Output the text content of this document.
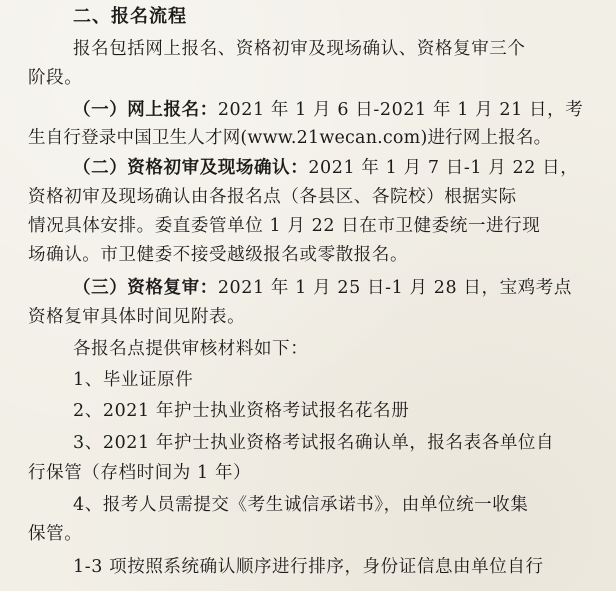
二、报名流程
报名包括网上报名、资格初审及现场确认、资格复审三个
阶段。
（一）网上报名：2021 年 1 月 6 日-2021 年 1 月 21 日，考
生自行登录中国卫生人才网(www.21wecan.com)进行网上报名。
（二）资格初审及现场确认：2021 年 1 月 7 日-1 月 22 日，
资格初审及现场确认由各报名点（各县区、各院校）根据实际
情况具体安排。委直委管单位 1 月 22 日在市卫健委统一进行现
场确认。市卫健委不接受越级报名或零散报名。
（三）资格复审：2021 年 1 月 25 日-1 月 28 日，宝鸡考点
资格复审具体时间见附表。
各报名点提供审核材料如下：
1、毕业证原件
2、2021 年护士执业资格考试报名花名册
3、2021 年护士执业资格考试报名确认单，报名表各单位自
行保管（存档时间为 1 年）
4、报考人员需提交《考生诚信承诺书》，由单位统一收集
保管。
1-3 项按照系统确认顺序进行排序，身份证信息由单位自行
